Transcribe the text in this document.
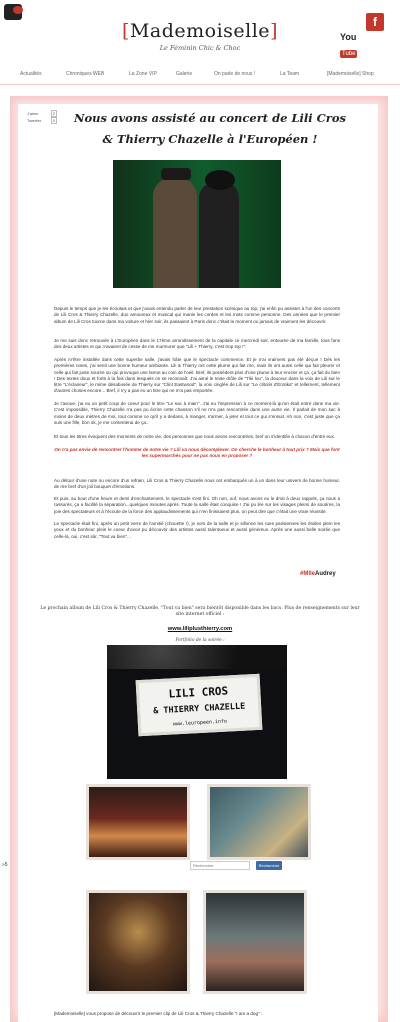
[Mademoiselle]
Le Féminin Chic & Choc
You
Tube
f
Actualités	Chroniques WEB	La Zone VIP	Galerie	On parle de nous !	La Team	[Mademoiselle] Shop
J'aime	2
Tweeter	0	Nous avons assisté au concert de Lili Cros & Thierry Chazelle à l'Européen !

Depuis le temps que je les écoutais et que j'avais entendu parler de leur prestation scénique au top, j'ai enfin pu assister à l'un des concerts de Lili Cros & Thierry Chazelle, duo amoureux et musical qui manie les cordes et les mots comme personne. Des années que le premier album de Lili Cros tourne dans ma voiture et hier soir, ils passaient à Paris donc c'était le moment ou jamais de vraiment les découvrir.

Je me suis donc retrouvée à L'Européen dans le 17ème arrondissement de la capitale ce mercredi soir, entourée de ma famille, tous fans des deux artistes et qui n'avaient de cesse de me murmurer que "Lili + Thierry, c'est trop top !".

Après m'être installée dans cette superbe salle, j'avais hâte que le spectacle commence. Et je n'ai vraiment pas été déçue ! Dès les premières notes, j'ai senti une bonne humeur ambiante. Lili & Thierry ont cette plume qui fait rire, mais ils ont aussi celle qui fait pleurer et celle qui fait juste sourire ou qui provoque une larme au coin de l'oeil. Bref, ils possèdent plus d'une plume à leur encrier et ça, ça fait du bien ! Des textes doux et forts à la fois dans lesquels on se reconnaît. J'ai aimé le texte drôle de "Tiki lou", la douceur dans la voix de Lili sur le titre "L'éclaireur", le mime désabusée de Thierry sur "Clint Eastwood", la voix cinglée de Lili sur "Le clitoris d'Erotika" et tellement, tellement d'autres choses encore... Bref, il n'y a pas eu un titre qui ne m'a pas emportée.

Je l'avoue, j'ai eu un petit coup de coeur pour le titre "Le sac à main". J'ai eu l'impression à ce moment-là qu'on était entré dans ma vie. C'est impossible, Thierry Chazelle n'a pas pu écrire cette chanson s'il ne m'a pas rencontrée dans une autre vie. Il parlait de mon sac à moins de deux mètres de moi, tout comme ce qu'il y a dedans, à manger, s'armer, à jeter et tout ce qui s'ensuit. Ah non, c'est juste que ça suis une fille, bon ok, je me contenterai de ça..

Et tous les titres évoquent des moments de notre vie, des personnes que nous avons rencontrées, bref on s'identifie à chacun d'entre eux.

On n'a pas envie de rencontrer l'homme de notre vie ? Lili va nous décomplexer. On cherche le bonheur à tout prix ? Mais que font les supermarchés pour ne pas nous en proposer ?

Au détour d'une note ou encore d'un refrain, Lili Cros & Thierry Chazelle nous ont embarqués un à un dans leur univers de bonne humeur, de rire bref d'un joli bouquet d'émotions.

Et puis, au bout d'une heure et demi d'enchantement, le spectacle s'est fini. Oh non, ouf, nous avons eu le droit à deux rappels, ça nous a rassurés, ça a facilité la séparation...quelques minutes après. Toute la salle était conquise ! J'ai pu lire sur les visages pleins de sourires, la joie des spectateurs et à l'écoute de la force des applaudissements qui n'en finissaient plus, on peut dire que c'était une vraie réussite.

Le spectacle était fini, après un petit verre de l'amitié (chouette !), je sors de la salle et je sillonne les rues parisiennes les étoiles plein les yeux et du bonheur plein le coeur d'avoir pu découvrir des artistes aussi talentueux et aussi généreux. Après une aussi belle soirée que celle-là, oui, c'est sûr, "Tout va bien"...

#MlleAudrey

Le prochain album de Lili Cros & Thierry Chazelle, "Tout va bien" sera bientôt disponible dans les bacs. Plus de renseignements sur leur site internet officiel :

www.liliplusthierry.com
Portfolio de la soirée :
LILI CROS
& THIERRY CHAZELLE
www.leuropeen.info
Rechercher
Rechercher
»5

[Mademoiselle] vous propose de découvrir le premier clip de Lili Cros & Thierry Chazelle "I am a dog" :
